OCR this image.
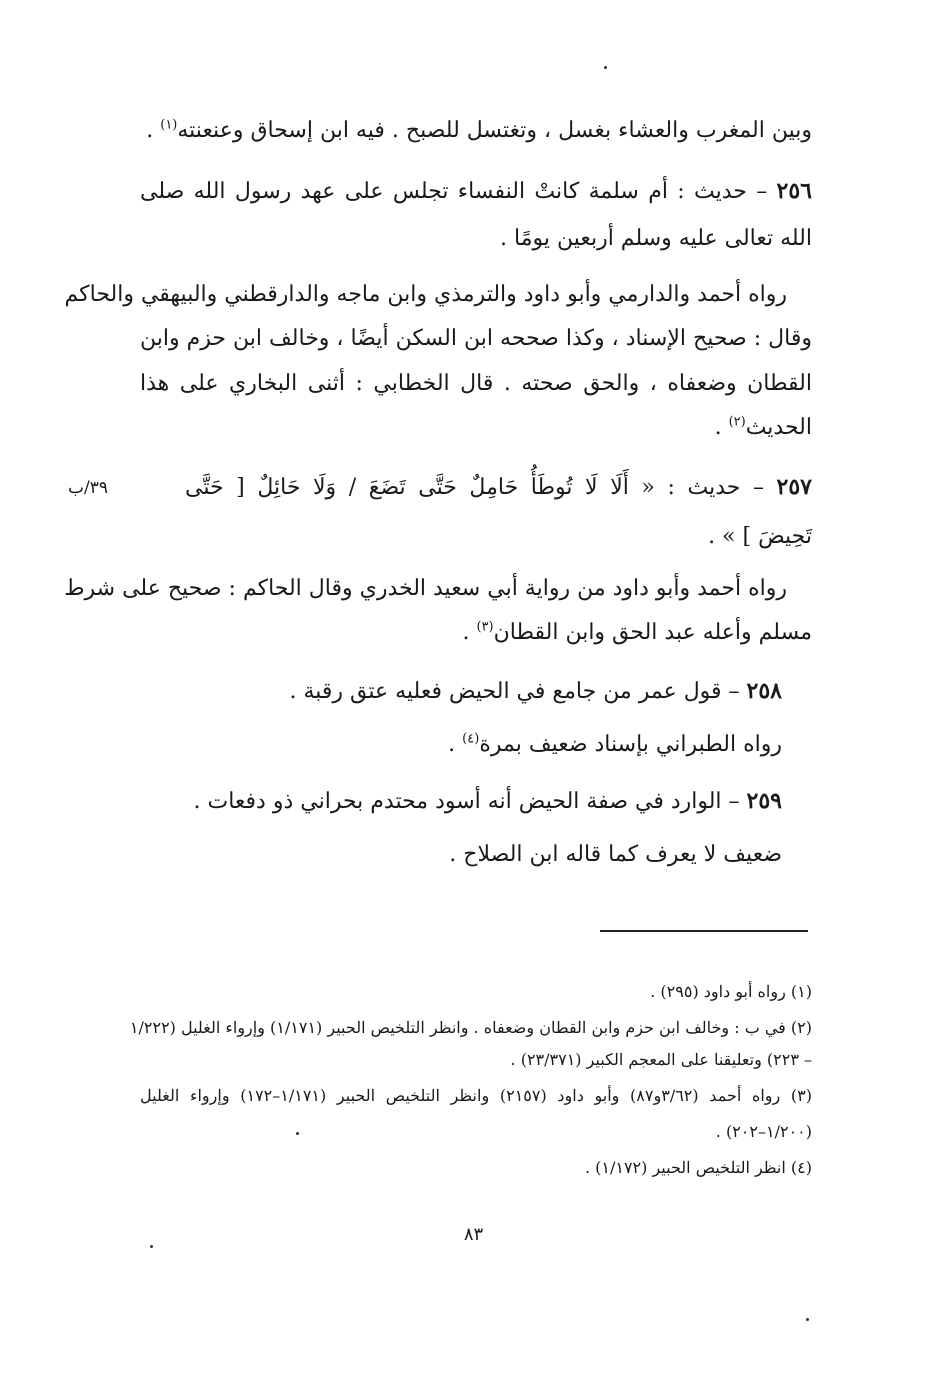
وبين المغرب والعشاء بغسل ، وتغتسل للصبح . فيه ابن إسحاق وعنعنته$^{(١)}$ .
٢٥٦ – حديث : أم سلمة كانتْ النفساء تجلس على عهد رسول الله صلى
الله تعالى عليه وسلم أربعين يومًا .
رواه أحمد والدارمي وأبو داود والترمذي وابن ماجه والدارقطني والبيهقي والحاكم
وقال : صحيح الإسناد ، وكذا صححه ابن السكن أيضًا ، وخالف ابن حزم وابن
القطان وضعفاه ، والحق صحته . قال الخطابي : أثنى البخاري على هذا
الحديث$^{(٢)}$ .
٢٥٧ – حديث : « أَلَا لَا تُوطَأُ حَامِلٌ حَتَّى تَضَعَ / وَلَا حَائِلٌ [ حَتَّى
٣٩/ب
تَحِيضَ ] » .
رواه أحمد وأبو داود من رواية أبي سعيد الخدري وقال الحاكم : صحيح على شرط
مسلم وأعله عبد الحق وابن القطان$^{(٣)}$ .
٢٥٨ – قول عمر من جامع في الحيض فعليه عتق رقبة .
رواه الطبراني بإسناد ضعيف بمرة$^{(٤)}$ .
٢٥٩ – الوارد في صفة الحيض أنه أسود محتدم بحراني ذو دفعات .
ضعيف لا يعرف كما قاله ابن الصلاح .
(١) رواه أبو داود (٢٩٥) .
(٢) في ب : وخالف ابن حزم وابن القطان وضعفاه . وانظر التلخيص الحبير (١/١٧١) وإرواء الغليل (١/٢٢٢
– ٢٢٣) وتعليقنا على المعجم الكبير (٢٣/٣٧١) .
(٣) رواه أحمد (٣/٦٢و٨٧) وأبو داود (٢١٥٧) وانظر التلخيص الحبير (١/١٧١–١٧٢) وإرواء الغليل
(١/٢٠٠–٢٠٢) .
(٤) انظر التلخيص الحبير (١/١٧٢) .
٨٣
